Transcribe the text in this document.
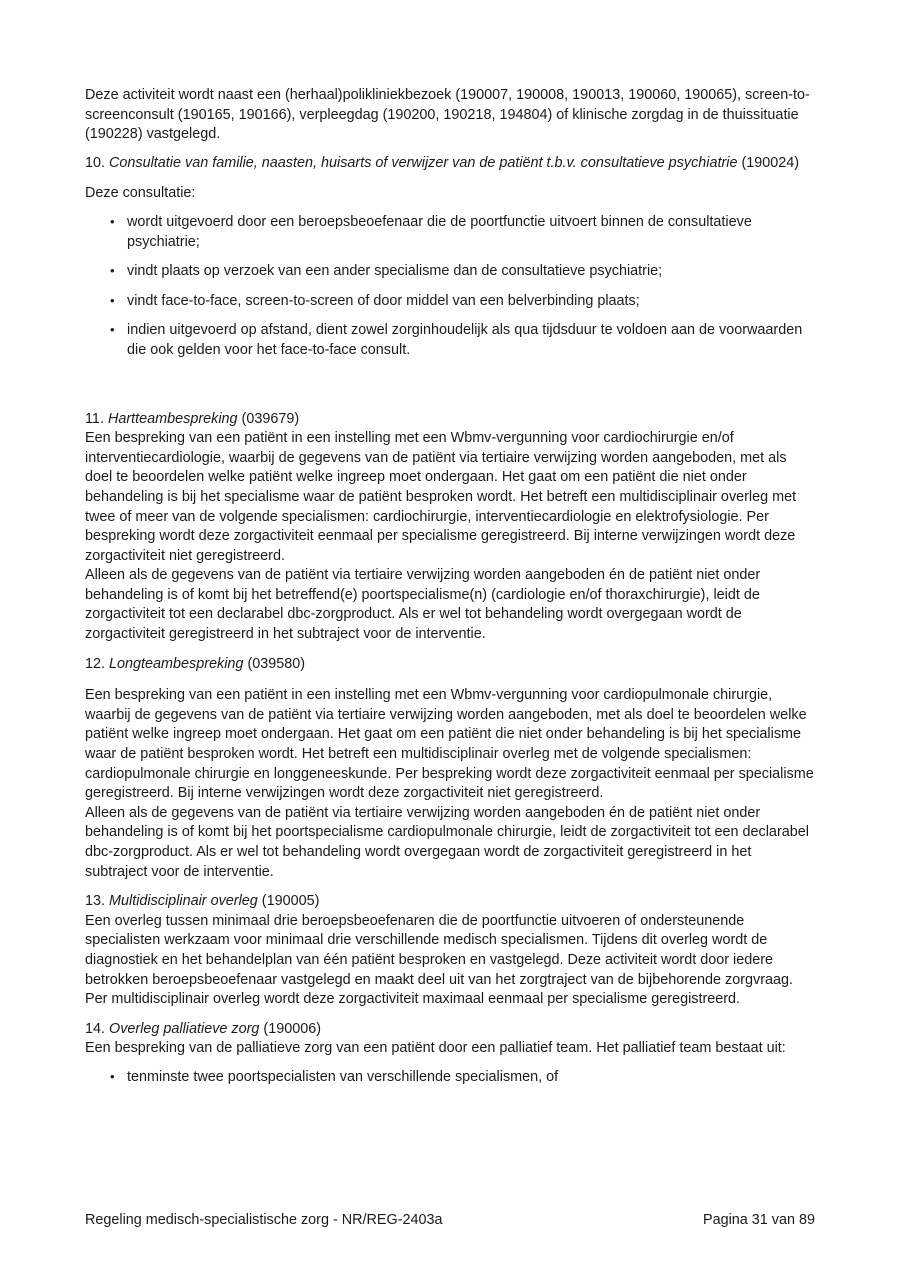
Deze activiteit wordt naast een (herhaal)polikliniekbezoek (190007, 190008, 190013, 190060, 190065), screen-to-screenconsult (190165, 190166), verpleegdag (190200, 190218, 194804) of klinische zorgdag in de thuissituatie (190228) vastgelegd.

10. Consultatie van familie, naasten, huisarts of verwijzer van de patiënt t.b.v. consultatieve psychiatrie (190024)

Deze consultatie:

• wordt uitgevoerd door een beroepsbeoefenaar die de poortfunctie uitvoert binnen de consultatieve psychiatrie;
• vindt plaats op verzoek van een ander specialisme dan de consultatieve psychiatrie;
• vindt face-to-face, screen-to-screen of door middel van een belverbinding plaats;
• indien uitgevoerd op afstand, dient zowel zorginhoudelijk als qua tijdsduur te voldoen aan de voorwaarden die ook gelden voor het face-to-face consult.

11. Hartteambespreking (039679)

Een bespreking van een patiënt in een instelling met een Wbmv-vergunning voor cardiochirurgie en/of interventiecardiologie, waarbij de gegevens van de patiënt via tertiaire verwijzing worden aangeboden, met als doel te beoordelen welke patiënt welke ingreep moet ondergaan. Het gaat om een patiënt die niet onder behandeling is bij het specialisme waar de patiënt besproken wordt. Het betreft een multidisciplinair overleg met twee of meer van de volgende specialismen: cardiochirurgie, interventiecardiologie en elektrofysiologie. Per bespreking wordt deze zorgactiviteit eenmaal per specialisme geregistreerd. Bij interne verwijzingen wordt deze zorgactiviteit niet geregistreerd.
Alleen als de gegevens van de patiënt via tertiaire verwijzing worden aangeboden én de patiënt niet onder behandeling is of komt bij het betreffend(e) poortspecialisme(n) (cardiologie en/of thoraxchirurgie), leidt de zorgactiviteit tot een declarabel dbc-zorgproduct. Als er wel tot behandeling wordt overgegaan wordt de zorgactiviteit geregistreerd in het subtraject voor de interventie.

12. Longteambespreking (039580)

Een bespreking van een patiënt in een instelling met een Wbmv-vergunning voor cardiopulmonale chirurgie, waarbij de gegevens van de patiënt via tertiaire verwijzing worden aangeboden, met als doel te beoordelen welke patiënt welke ingreep moet ondergaan. Het gaat om een patiënt die niet onder behandeling is bij het specialisme waar de patiënt besproken wordt. Het betreft een multidisciplinair overleg met de volgende specialismen: cardiopulmonale chirurgie en longgeneeskunde. Per bespreking wordt deze zorgactiviteit eenmaal per specialisme geregistreerd. Bij interne verwijzingen wordt deze zorgactiviteit niet geregistreerd.
Alleen als de gegevens van de patiënt via tertiaire verwijzing worden aangeboden én de patiënt niet onder behandeling is of komt bij het poortspecialisme cardiopulmonale chirurgie, leidt de zorgactiviteit tot een declarabel dbc-zorgproduct. Als er wel tot behandeling wordt overgegaan wordt de zorgactiviteit geregistreerd in het subtraject voor de interventie.

13. Multidisciplinair overleg (190005)

Een overleg tussen minimaal drie beroepsbeoefenaren die de poortfunctie uitvoeren of ondersteunende specialisten werkzaam voor minimaal drie verschillende medisch specialismen. Tijdens dit overleg wordt de diagnostiek en het behandelplan van één patiënt besproken en vastgelegd. Deze activiteit wordt door iedere betrokken beroepsbeoefenaar vastgelegd en maakt deel uit van het zorgtraject van de bijbehorende zorgvraag. Per multidisciplinair overleg wordt deze zorgactiviteit maximaal eenmaal per specialisme geregistreerd.

14. Overleg palliatieve zorg (190006)

Een bespreking van de palliatieve zorg van een patiënt door een palliatief team. Het palliatief team bestaat uit:
• tenminste twee poortspecialisten van verschillende specialismen, of
Regeling medisch-specialistische zorg - NR/REG-2403a	Pagina 31 van 89
